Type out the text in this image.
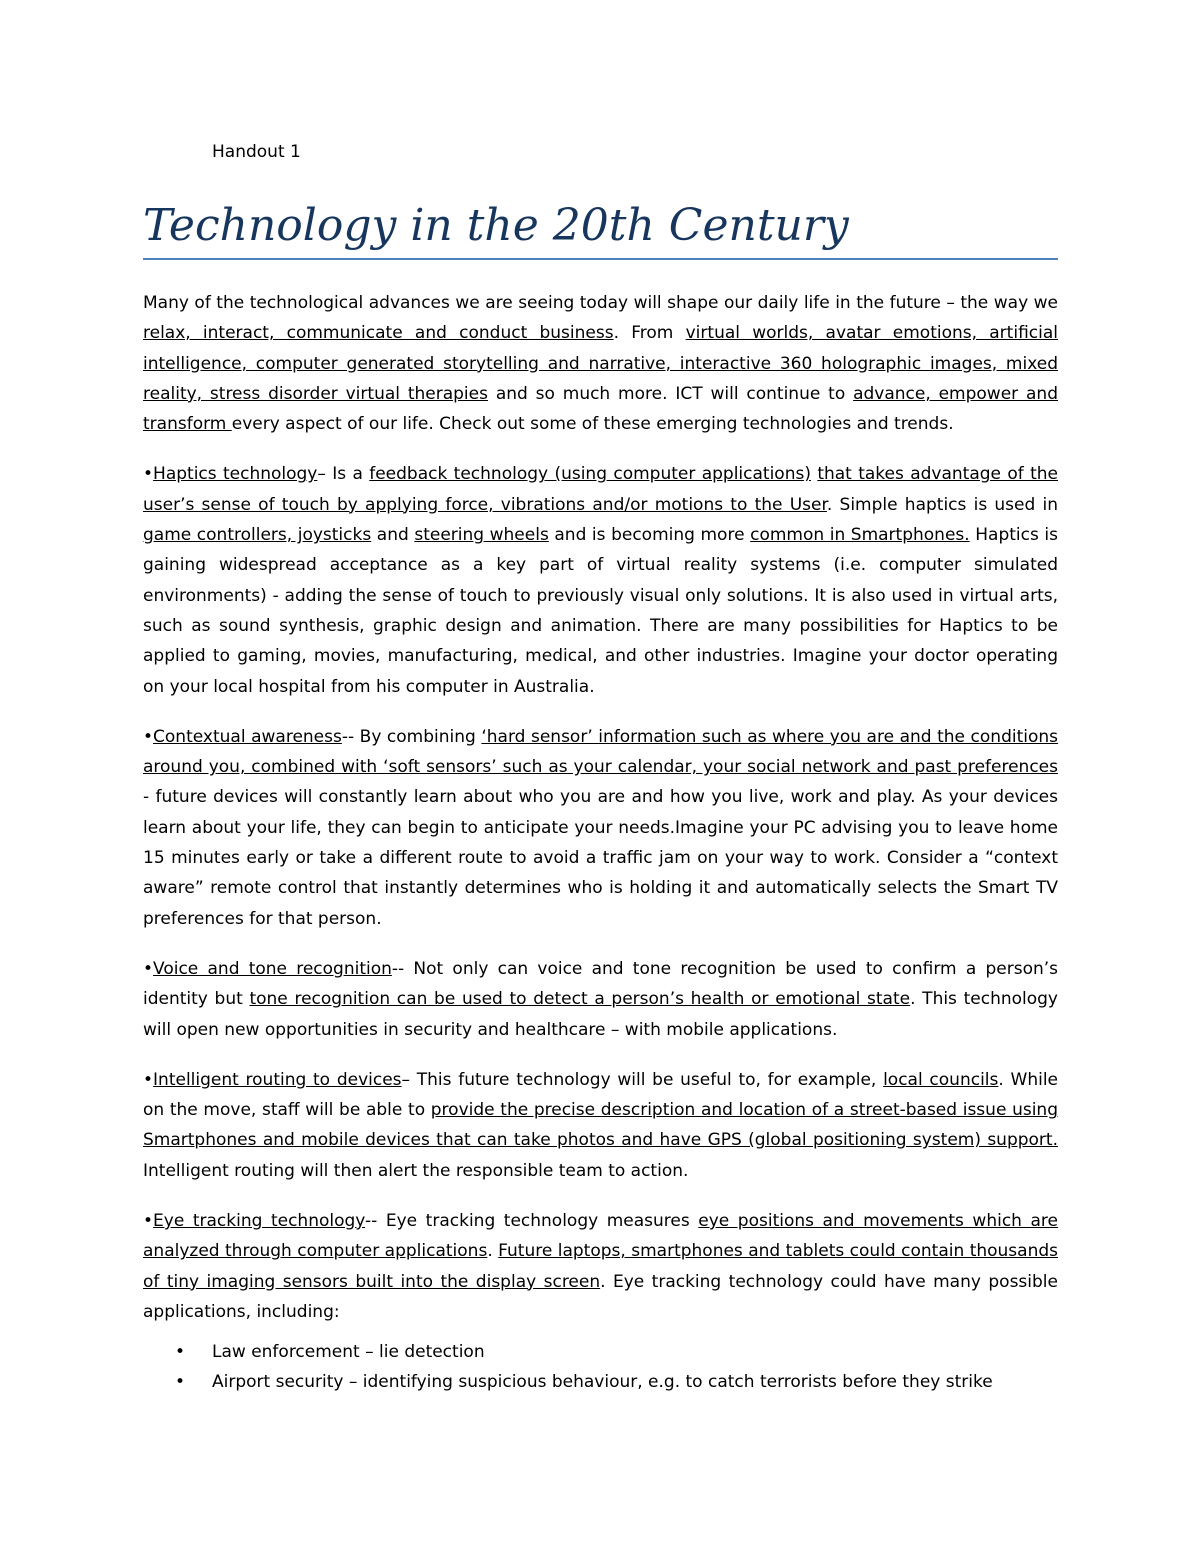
Handout 1
Technology in the 20th Century

Many of the technological advances we are seeing today will shape our daily life in the future – the way we relax, interact, communicate and conduct business. From virtual worlds, avatar emotions, artificial intelligence, computer generated storytelling and narrative, interactive 360 holographic images, mixed reality, stress disorder virtual therapies and so much more. ICT will continue to advance, empower and transform every aspect of our life. Check out some of these emerging technologies and trends.

•Haptics technology– Is a feedback technology (using computer applications) that takes advantage of the user’s sense of touch by applying force, vibrations and/or motions to the User. Simple haptics is used in game controllers, joysticks and steering wheels and is becoming more common in Smartphones. Haptics is gaining widespread acceptance as a key part of virtual reality systems (i.e. computer simulated environments) - adding the sense of touch to previously visual only solutions. It is also used in virtual arts, such as sound synthesis, graphic design and animation. There are many possibilities for Haptics to be applied to gaming, movies, manufacturing, medical, and other industries. Imagine your doctor operating on your local hospital from his computer in Australia.

•Contextual awareness-- By combining ‘hard sensor’ information such as where you are and the conditions around you, combined with ‘soft sensors’ such as your calendar, your social network and past preferences - future devices will constantly learn about who you are and how you live, work and play. As your devices learn about your life, they can begin to anticipate your needs.Imagine your PC advising you to leave home 15 minutes early or take a different route to avoid a traffic jam on your way to work. Consider a “context aware” remote control that instantly determines who is holding it and automatically selects the Smart TV preferences for that person.

•Voice and tone recognition-- Not only can voice and tone recognition be used to confirm a person’s identity but tone recognition can be used to detect a person’s health or emotional state. This technology will open new opportunities in security and healthcare – with mobile applications.

•Intelligent routing to devices– This future technology will be useful to, for example, local councils. While on the move, staff will be able to provide the precise description and location of a street-based issue using Smartphones and mobile devices that can take photos and have GPS (global positioning system) support. Intelligent routing will then alert the responsible team to action.

•Eye tracking technology-- Eye tracking technology measures eye positions and movements which are analyzed through computer applications. Future laptops, smartphones and tablets could contain thousands of tiny imaging sensors built into the display screen. Eye tracking technology could have many possible applications, including:

• Law enforcement – lie detection
• Airport security – identifying suspicious behaviour, e.g. to catch terrorists before they strike
